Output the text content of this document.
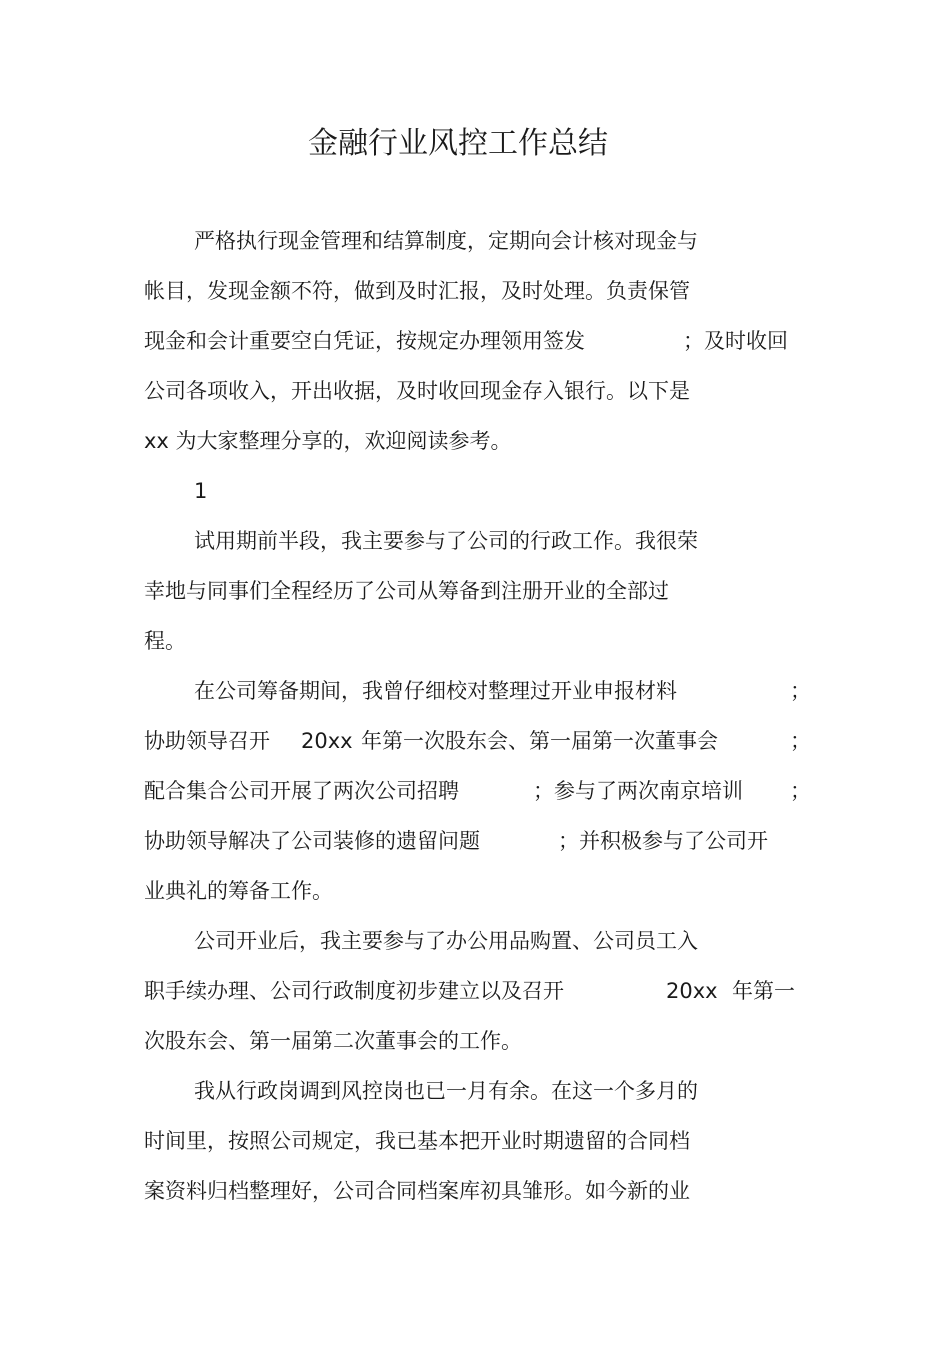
金融行业风控工作总结
严格执行现金管理和结算制度，定期向会计核对现金与
帐目，发现金额不符，做到及时汇报，及时处理。负责保管
现金和会计重要空白凭证，按规定办理领用签发	；及时收回
公司各项收入，开出收据，及时收回现金存入银行。以下是
xx 为大家整理分享的，欢迎阅读参考。
1
试用期前半段，我主要参与了公司的行政工作。我很荣
幸地与同事们全程经历了公司从筹备到注册开业的全部过
程。
在公司筹备期间，我曾仔细校对整理过开业申报材料	；
协助领导召开 20xx 年第一次股东会、第一届第一次董事会	；
配合集合公司开展了两次公司招聘	；参与了两次南京培训 ；
协助领导解决了公司装修的遗留问题	；并积极参与了公司开
业典礼的筹备工作。
公司开业后，我主要参与了办公用品购置、公司员工入
职手续办理、公司行政制度初步建立以及召开	20xx 年第一
次股东会、第一届第二次董事会的工作。
我从行政岗调到风控岗也已一月有余。在这一个多月的
时间里，按照公司规定，我已基本把开业时期遗留的合同档
案资料归档整理好，公司合同档案库初具雏形。如今新的业
